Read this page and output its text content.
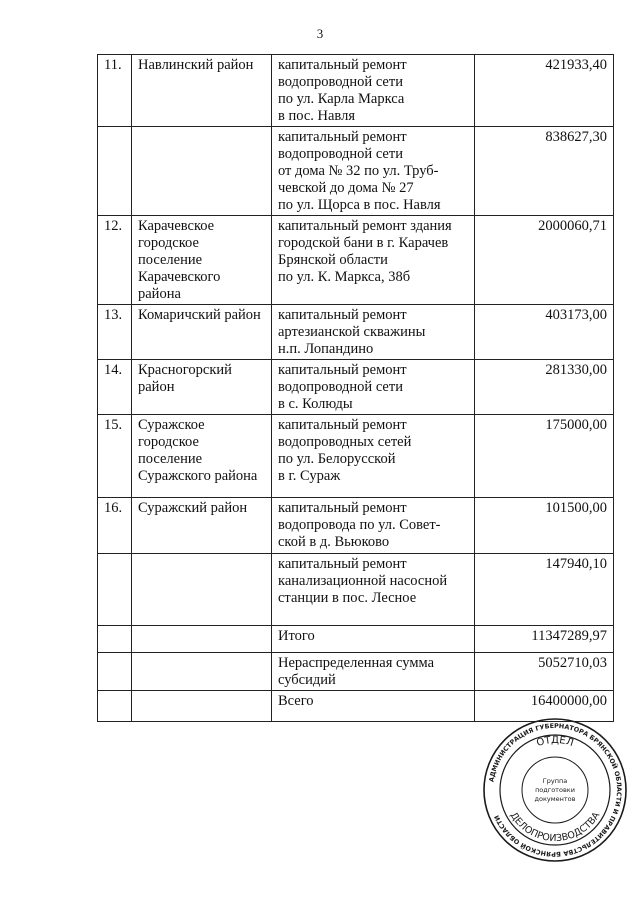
3
11.	Навлинский район	капитальный ремонт
водопроводной сети
по ул. Карла Маркса
в пос. Навля	421933,40

		капитальный ремонт
водопроводной сети
от дома № 32 по ул. Труб-
чевской до дома № 27
по ул. Щорса в пос. Навля	838627,30

12.	Карачевское
городское
поселение
Карачевского
района	капитальный ремонт здания
городской бани в г. Карачев
Брянской области
по ул. К. Маркса, 38б	2000060,71

13.	Комаричский район	капитальный ремонт
артезианской скважины
н.п. Лопандино	403173,00

14.	Красногорский
район	капитальный ремонт
водопроводной сети
в с. Колюды	281330,00

15.	Суражское
городское
поселение
Суражского района	капитальный ремонт
водопроводных сетей
по ул. Белорусской
в г. Сураж	175000,00

16.	Суражский район	капитальный ремонт
водопровода по ул. Совет-
ской в д. Вьюково	101500,00

		капитальный ремонт
канализационной насосной
станции в пос. Лесное	147940,10

		Итого	11347289,97

		Нераспределенная сумма
субсидий	5052710,03

		Всего	16400000,00
АДМИНИСТРАЦИЯ ГУБЕРНАТОРА БРЯНСКОЙ ОБЛАСТИ И ПРАВИТЕЛЬСТВА БРЯНСКОЙ ОБЛАСТИ
ОТДЕЛ
ДЕЛОПРОИЗВОДСТВА
Группа
подготовки
документов
